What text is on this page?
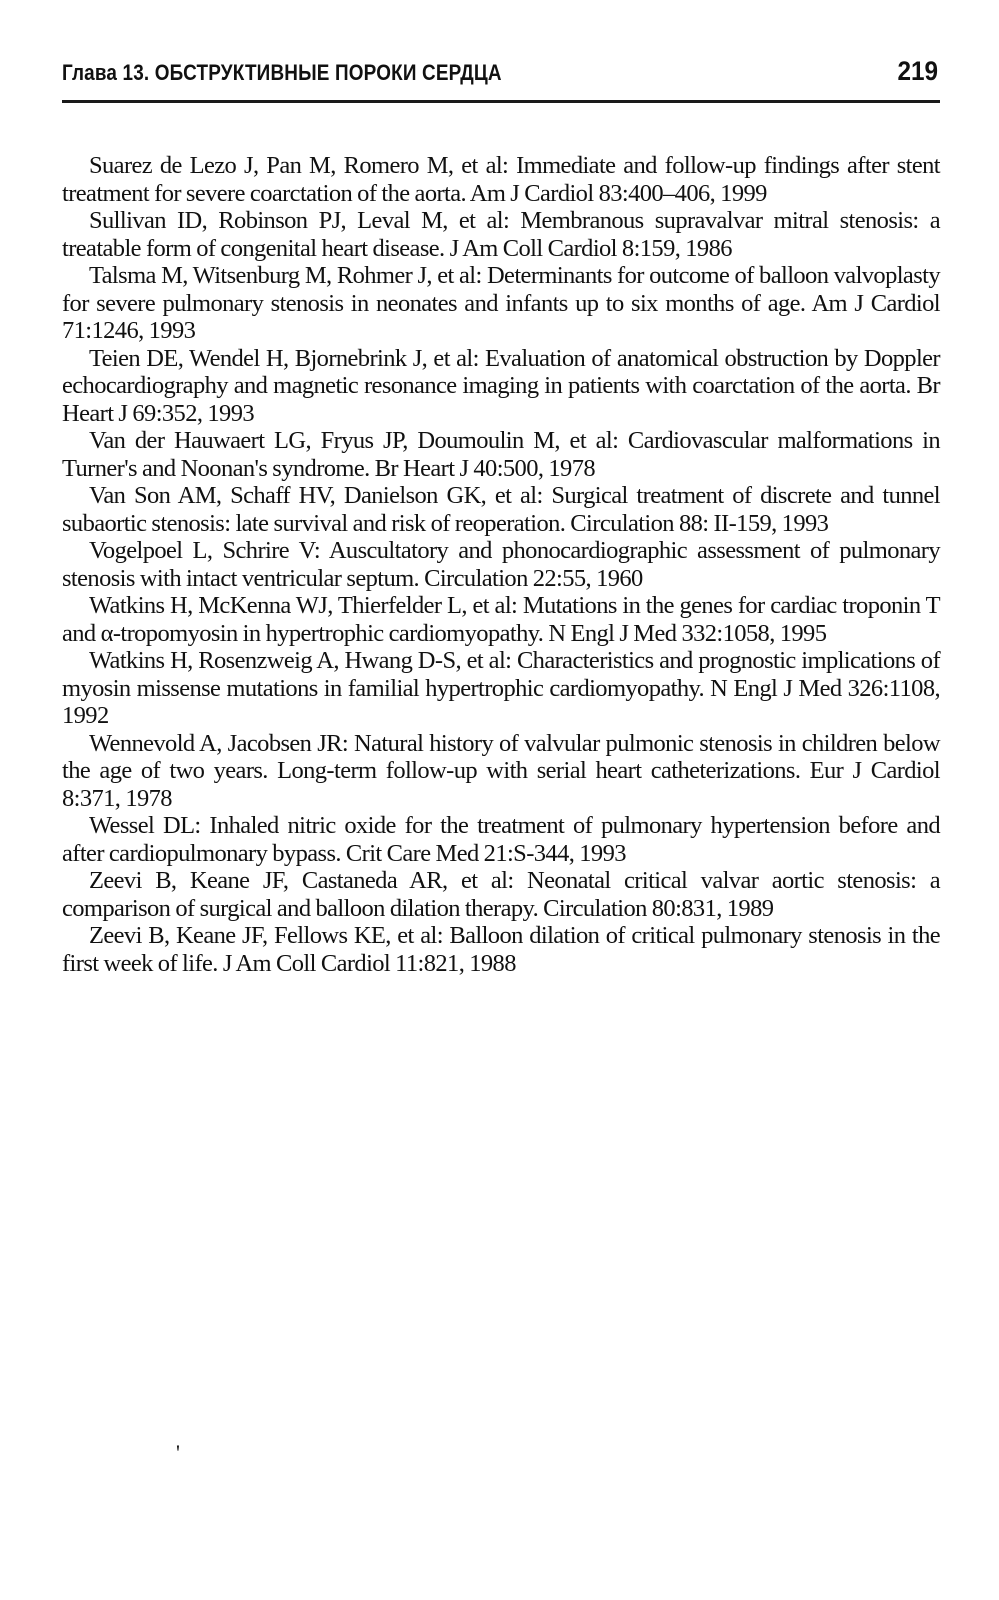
Глава 13. ОБСТРУКТИВНЫЕ ПОРОКИ СЕРДЦА	219

Suarez de Lezo J, Pan M, Romero M, et al: Immediate and follow-up findings after stent treatment for severe coarctation of the aorta. Am J Cardiol 83:400–406, 1999

Sullivan ID, Robinson PJ, Leval M, et al: Membranous supravalvar mitral stenosis: a treatable form of congenital heart disease. J Am Coll Cardiol 8:159, 1986

Talsma M, Witsenburg M, Rohmer J, et al: Determinants for outcome of balloon valvoplasty for severe pulmonary stenosis in neonates and infants up to six months of age. Am J Cardiol 71:1246, 1993

Teien DE, Wendel H, Bjornebrink J, et al: Evaluation of anatomical obstruction by Doppler echocardiography and magnetic resonance imaging in patients with coarctation of the aorta. Br Heart J 69:352, 1993

Van der Hauwaert LG, Fryus JP, Doumoulin M, et al: Cardiovascular malformations in Turner's and Noonan's syndrome. Br Heart J 40:500, 1978

Van Son AM, Schaff HV, Danielson GK, et al: Surgical treatment of discrete and tunnel subaortic stenosis: late survival and risk of reoperation. Circulation 88: II-159, 1993

Vogelpoel L, Schrire V: Auscultatory and phonocardiographic assessment of pulmonary stenosis with intact ventricular septum. Circulation 22:55, 1960

Watkins H, McKenna WJ, Thierfelder L, et al: Mutations in the genes for cardiac troponin T and α-tropomyosin in hypertrophic cardiomyopathy. N Engl J Med 332:1058, 1995

Watkins H, Rosenzweig A, Hwang D-S, et al: Characteristics and prognostic implications of myosin missense mutations in familial hypertrophic cardiomyopathy. N Engl J Med 326:1108, 1992

Wennevold A, Jacobsen JR: Natural history of valvular pulmonic stenosis in children below the age of two years. Long-term follow-up with serial heart catheterizations. Eur J Cardiol 8:371, 1978

Wessel DL: Inhaled nitric oxide for the treatment of pulmonary hypertension before and after cardiopulmonary bypass. Crit Care Med 21:S-344, 1993

Zeevi B, Keane JF, Castaneda AR, et al: Neonatal critical valvar aortic stenosis: a comparison of surgical and balloon dilation therapy. Circulation 80:831, 1989

Zeevi B, Keane JF, Fellows KE, et al: Balloon dilation of critical pulmonary stenosis in the first week of life. J Am Coll Cardiol 11:821, 1988

'
